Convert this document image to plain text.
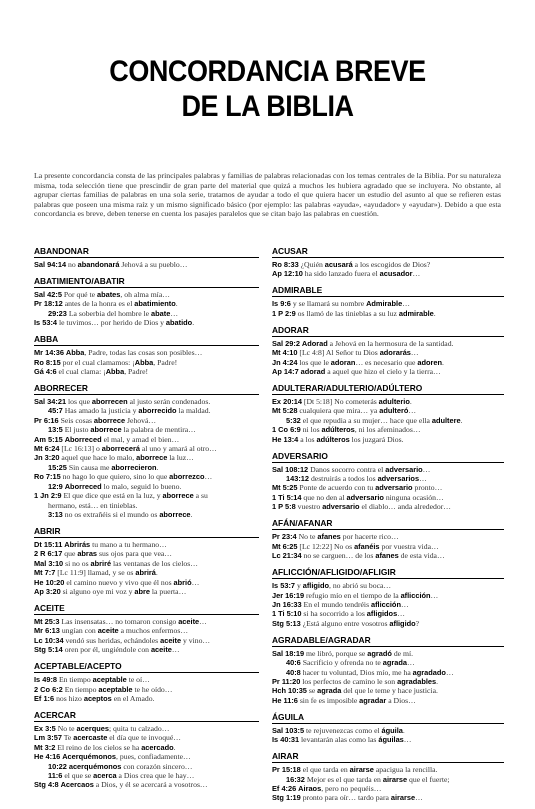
CONCORDANCIA BREVE
DE LA BIBLIA
La presente concordancia consta de las principales palabras y familias de palabras relacionadas con los temas centrales de la Biblia. Por su naturaleza misma, toda selección tiene que prescindir de gran parte del material que quizá a muchos les hubiera agradado que se incluyera. No obstante, al agrupar ciertas familias de palabras en una sola serie, tratamos de ayudar a todo el que quiera hacer un estudio del asunto al que se refieren estas palabras que poseen una misma raíz y un mismo significado básico (por ejemplo: las palabras «ayuda», «ayudador» y «ayudar»). Debido a que esta concordancia es breve, deben tenerse en cuenta los pasajes paralelos que se citan bajo las palabras en cuestión.
ABANDONAR
Sal 94:14 no abandonará Jehová a su pueblo…
ABATIMIENTO/ABATIR
Sal 42:5 Por qué te abates, oh alma mía…
Pr 18:12 antes de la honra es el abatimiento.
29:23 La soberbia del hombre le abate…
Is 53:4 le tuvimos… por herido de Dios y abatido.
ABBA
Mr 14:36 Abba, Padre, todas las cosas son posibles…
Ro 8:15 por el cual clamamos: ¡Abba, Padre!
Gá 4:6 el cual clama: ¡Abba, Padre!
ABORRECER
Sal 34:21 los que aborrecen al justo serán condenados.
45:7 Has amado la justicia y aborrecido la maldad.
Pr 6:16 Seis cosas aborrece Jehová…
13:5 El justo aborrece la palabra de mentira…
Am 5:15 Aborreced el mal, y amad el bien…
Mt 6:24 [Lc 16:13] o aborrecerá al uno y amará al otro…
Jn 3:20 aquel que hace lo malo, aborrece la luz…
15:25 Sin causa me aborrecieron.
Ro 7:15 no hago lo que quiero, sino lo que aborrezco…
12:9 Aborreced lo malo, seguid lo bueno.
1 Jn 2:9 El que dice que está en la luz, y aborrece a su
hermano, está… en tinieblas.
3:13 no os extrañéis si el mundo os aborrece.
ABRIR
Dt 15:11 Abrirás tu mano a tu hermano…
2 R 6:17 que abras sus ojos para que vea…
Mal 3:10 si no os abriré las ventanas de los cielos…
Mt 7:7 [Lc 11:9] llamad, y se os abrirá.
He 10:20 el camino nuevo y vivo que él nos abrió…
Ap 3:20 si alguno oye mi voz y abre la puerta…
ACEITE
Mt 25:3 Las insensatas… no tomaron consigo aceite…
Mr 6:13 ungían con aceite a muchos enfermos…
Lc 10:34 vendó sus heridas, echándoles aceite y vino…
Stg 5:14 oren por él, ungiéndole con aceite…
ACEPTABLE/ACEPTO
Is 49:8 En tiempo aceptable te oí…
2 Co 6:2 En tiempo aceptable te he oído…
Ef 1:6 nos hizo aceptos en el Amado.
ACERCAR
Ex 3:5 No te acerques; quita tu calzado…
Lm 3:57 Te acercaste el día que te invoqué…
Mt 3:2 El reino de los cielos se ha acercado.
He 4:16 Acerquémonos, pues, confiadamente…
10:22 acerquémonos con corazón sincero…
11:6 el que se acerca a Dios crea que le hay…
Stg 4:8 Acercaos a Dios, y él se acercará a vosotros…
ACUSAR
Ro 8:33 ¿Quién acusará a los escogidos de Dios?
Ap 12:10 ha sido lanzado fuera el acusador…
ADMIRABLE
Is 9:6 y se llamará su nombre Admirable…
1 P 2:9 os llamó de las tinieblas a su luz admirable.
ADORAR
Sal 29:2 Adorad a Jehová en la hermosura de la santidad.
Mt 4:10 [Lc 4:8] Al Señor tu Dios adorarás…
Jn 4:24 los que le adoran… es necesario que adoren.
Ap 14:7 adorad a aquel que hizo el cielo y la tierra…
ADULTERAR/ADULTERIO/ADÚLTERO
Ex 20:14 [Dt 5:18] No cometerás adulterio.
Mt 5:28 cualquiera que mira… ya adulteró…
5:32 el que repudia a su mujer… hace que ella adultere.
1 Co 6:9 ni los adúlteros, ni los afeminados…
He 13:4 a los adúlteros los juzgará Dios.
ADVERSARIO
Sal 108:12 Danos socorro contra el adversario…
143:12 destruirás a todos los adversarios…
Mt 5:25 Ponte de acuerdo con tu adversario pronto…
1 Ti 5:14 que no den al adversario ninguna ocasión…
1 P 5:8 vuestro adversario el diablo… anda alrededor…
AFÁN/AFANAR
Pr 23:4 No te afanes por hacerte rico…
Mt 6:25 [Lc 12:22] No os afanéis por vuestra vida…
Lc 21:34 no se carguen… de los afanes de esta vida…
AFLICCIÓN/AFLIGIDO/AFLIGIR
Is 53:7 y afligido, no abrió su boca…
Jer 16:19 refugio mío en el tiempo de la aflicción…
Jn 16:33 En el mundo tendréis aflicción…
1 Ti 5:10 si ha socorrido a los afligidos…
Stg 5:13 ¿Está alguno entre vosotros afligido?
AGRADABLE/AGRADAR
Sal 18:19 me libró, porque se agradó de mí.
40:6 Sacrificio y ofrenda no te agrada…
40:8 hacer tu voluntad, Dios mío, me ha agradado…
Pr 11:20 los perfectos de camino le son agradables.
Hch 10:35 se agrada del que le teme y hace justicia.
He 11:6 sin fe es imposible agradar a Dios…
ÁGUILA
Sal 103:5 te rejuvenezcas como el águila.
Is 40:31 levantarán alas como las águilas…
AIRAR
Pr 15:18 el que tarda en airarse apacigua la rencilla.
16:32 Mejor es el que tarda en airarse que el fuerte;
Ef 4:26 Airaos, pero no pequéis…
Stg 1:19 pronto para oír… tardo para airarse…
